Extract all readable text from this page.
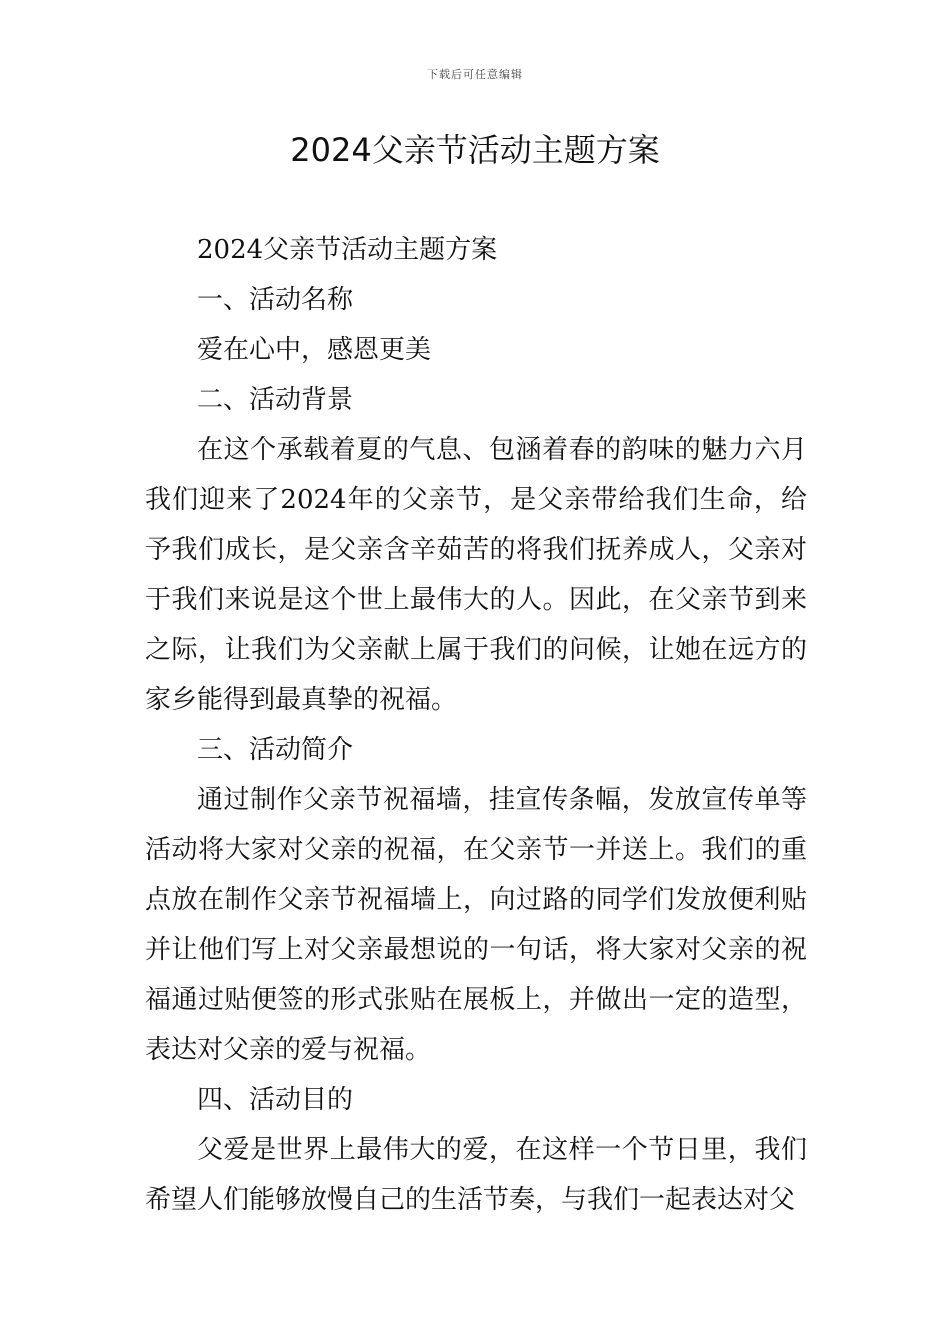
下载后可任意编辑
2024父亲节活动主题方案

2024父亲节活动主题方案

一、活动名称

爱在心中，感恩更美

二、活动背景

在这个承载着夏的气息、包涵着春的韵味的魅力六月我们迎来了2024年的父亲节，是父亲带给我们生命，给予我们成长，是父亲含辛茹苦的将我们抚养成人，父亲对于我们来说是这个世上最伟大的人。因此，在父亲节到来之际，让我们为父亲献上属于我们的问候，让她在远方的家乡能得到最真挚的祝福。

三、活动简介

通过制作父亲节祝福墙，挂宣传条幅，发放宣传单等活动将大家对父亲的祝福，在父亲节一并送上。我们的重点放在制作父亲节祝福墙上，向过路的同学们发放便利贴并让他们写上对父亲最想说的一句话，将大家对父亲的祝福通过贴便签的形式张贴在展板上，并做出一定的造型，表达对父亲的爱与祝福。

四、活动目的

父爱是世界上最伟大的爱，在这样一个节日里，我们希望人们能够放慢自己的生活节奏，与我们一起表达对父
